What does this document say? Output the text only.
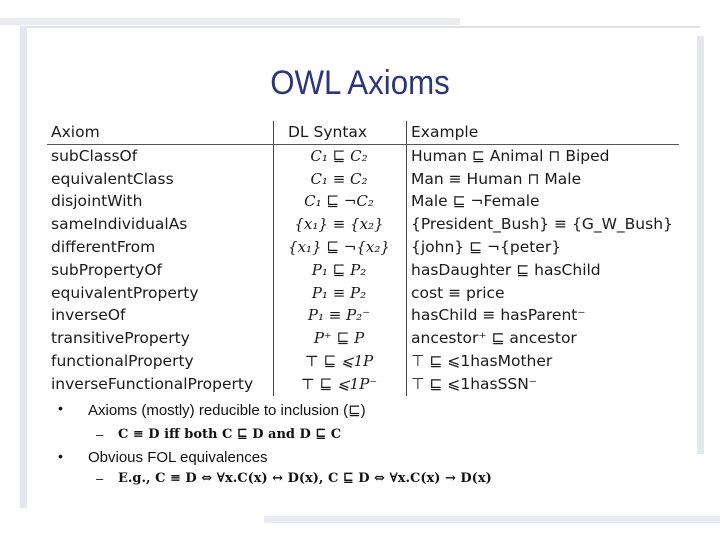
OWL Axioms
Axiom	DL Syntax	Example
subClassOf	C₁ ⊑ C₂	Human ⊑ Animal ⊓ Biped
equivalentClass	C₁ ≡ C₂	Man ≡ Human ⊓ Male
disjointWith	C₁ ⊑ ¬C₂	Male ⊑ ¬Female
sameIndividualAs	{x₁} ≡ {x₂}	{President_Bush} ≡ {G_W_Bush}
differentFrom	{x₁} ⊑ ¬{x₂}	{john} ⊑ ¬{peter}
subPropertyOf	P₁ ⊑ P₂	hasDaughter ⊑ hasChild
equivalentProperty	P₁ ≡ P₂	cost ≡ price
inverseOf	P₁ ≡ P₂⁻	hasChild ≡ hasParent⁻
transitiveProperty	P⁺ ⊑ P	ancestor⁺ ⊑ ancestor
functionalProperty	⊤ ⊑ ⩽1P	⊤ ⊑ ⩽1hasMother
inverseFunctionalProperty	⊤ ⊑ ⩽1P⁻	⊤ ⊑ ⩽1hasSSN⁻
• Axioms (mostly) reducible to inclusion (⊑)
– C ≡ D iff both C ⊑ D and D ⊑ C
• Obvious FOL equivalences
– E.g., C ≡ D ⇔ ∀x.C(x) ↔ D(x), C ⊑ D ⇔ ∀x.C(x) → D(x)
